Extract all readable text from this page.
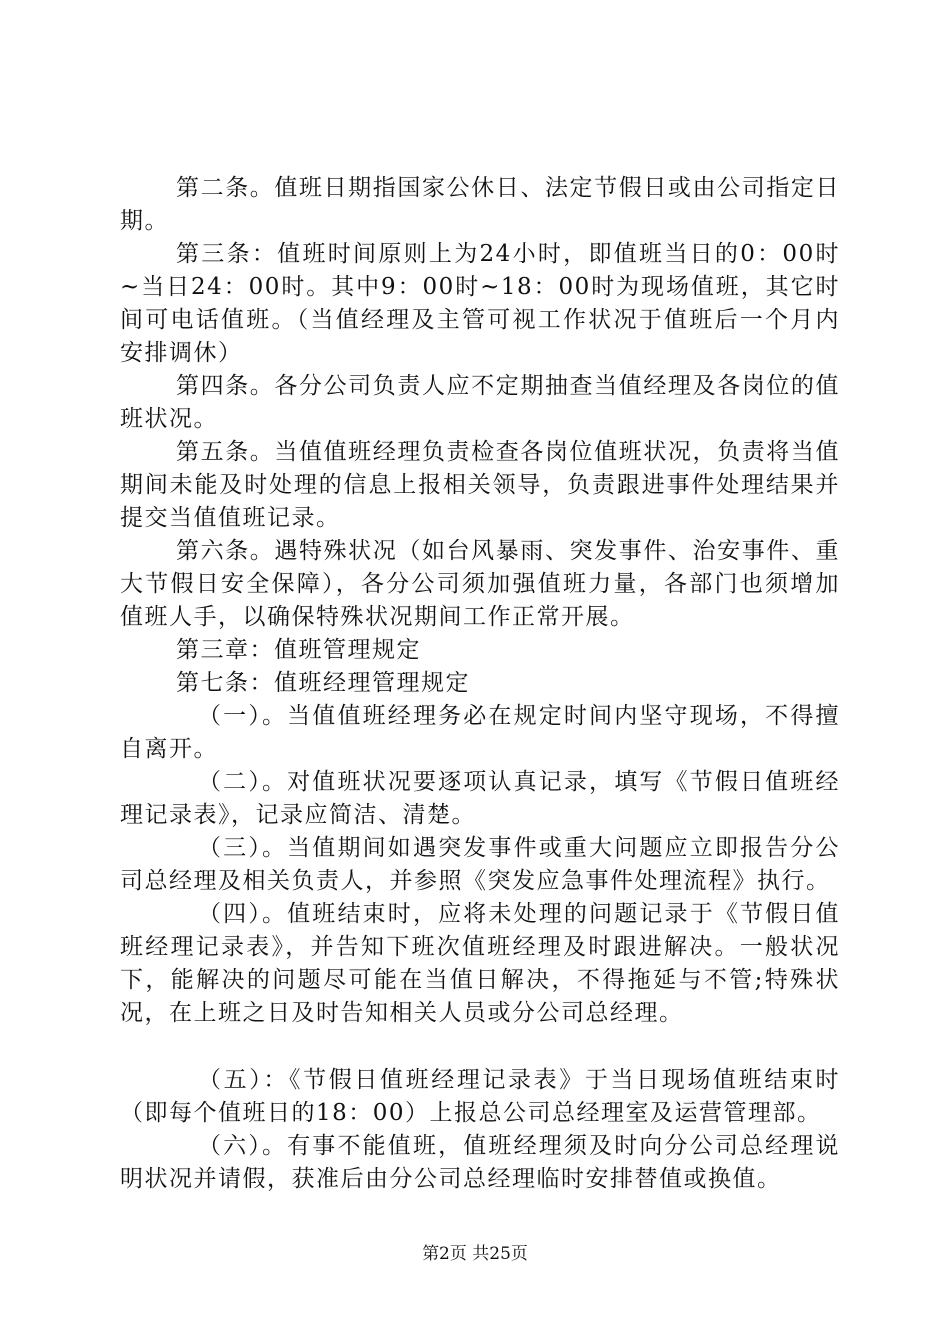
第二条。值班日期指国家公休日、法定节假日或由公司指定日期。

第三条：值班时间原则上为24小时，即值班当日的0：00时~当日24：00时。其中9：00时~18：00时为现场值班，其它时间可电话值班。（当值经理及主管可视工作状况于值班后一个月内安排调休）

第四条。各分公司负责人应不定期抽查当值经理及各岗位的值班状况。

第五条。当值值班经理负责检查各岗位值班状况，负责将当值期间未能及时处理的信息上报相关领导，负责跟进事件处理结果并提交当值值班记录。

第六条。遇特殊状况（如台风暴雨、突发事件、治安事件、重大节假日安全保障），各分公司须加强值班力量，各部门也须增加值班人手，以确保特殊状况期间工作正常开展。

第三章：值班管理规定

第七条：值班经理管理规定

（一）。当值值班经理务必在规定时间内坚守现场，不得擅自离开。

（二）。对值班状况要逐项认真记录，填写《节假日值班经理记录表》，记录应简洁、清楚。

（三）。当值期间如遇突发事件或重大问题应立即报告分公司总经理及相关负责人，并参照《突发应急事件处理流程》执行。

（四）。值班结束时，应将未处理的问题记录于《节假日值班经理记录表》，并告知下班次值班经理及时跟进解决。一般状况下，能解决的问题尽可能在当值日解决，不得拖延与不管;特殊状况，在上班之日及时告知相关人员或分公司总经理。

（五）：《节假日值班经理记录表》于当日现场值班结束时（即每个值班日的18：00）上报总公司总经理室及运营管理部。

（六）。有事不能值班，值班经理须及时向分公司总经理说明状况并请假，获准后由分公司总经理临时安排替值或换值。

第2页 共25页
